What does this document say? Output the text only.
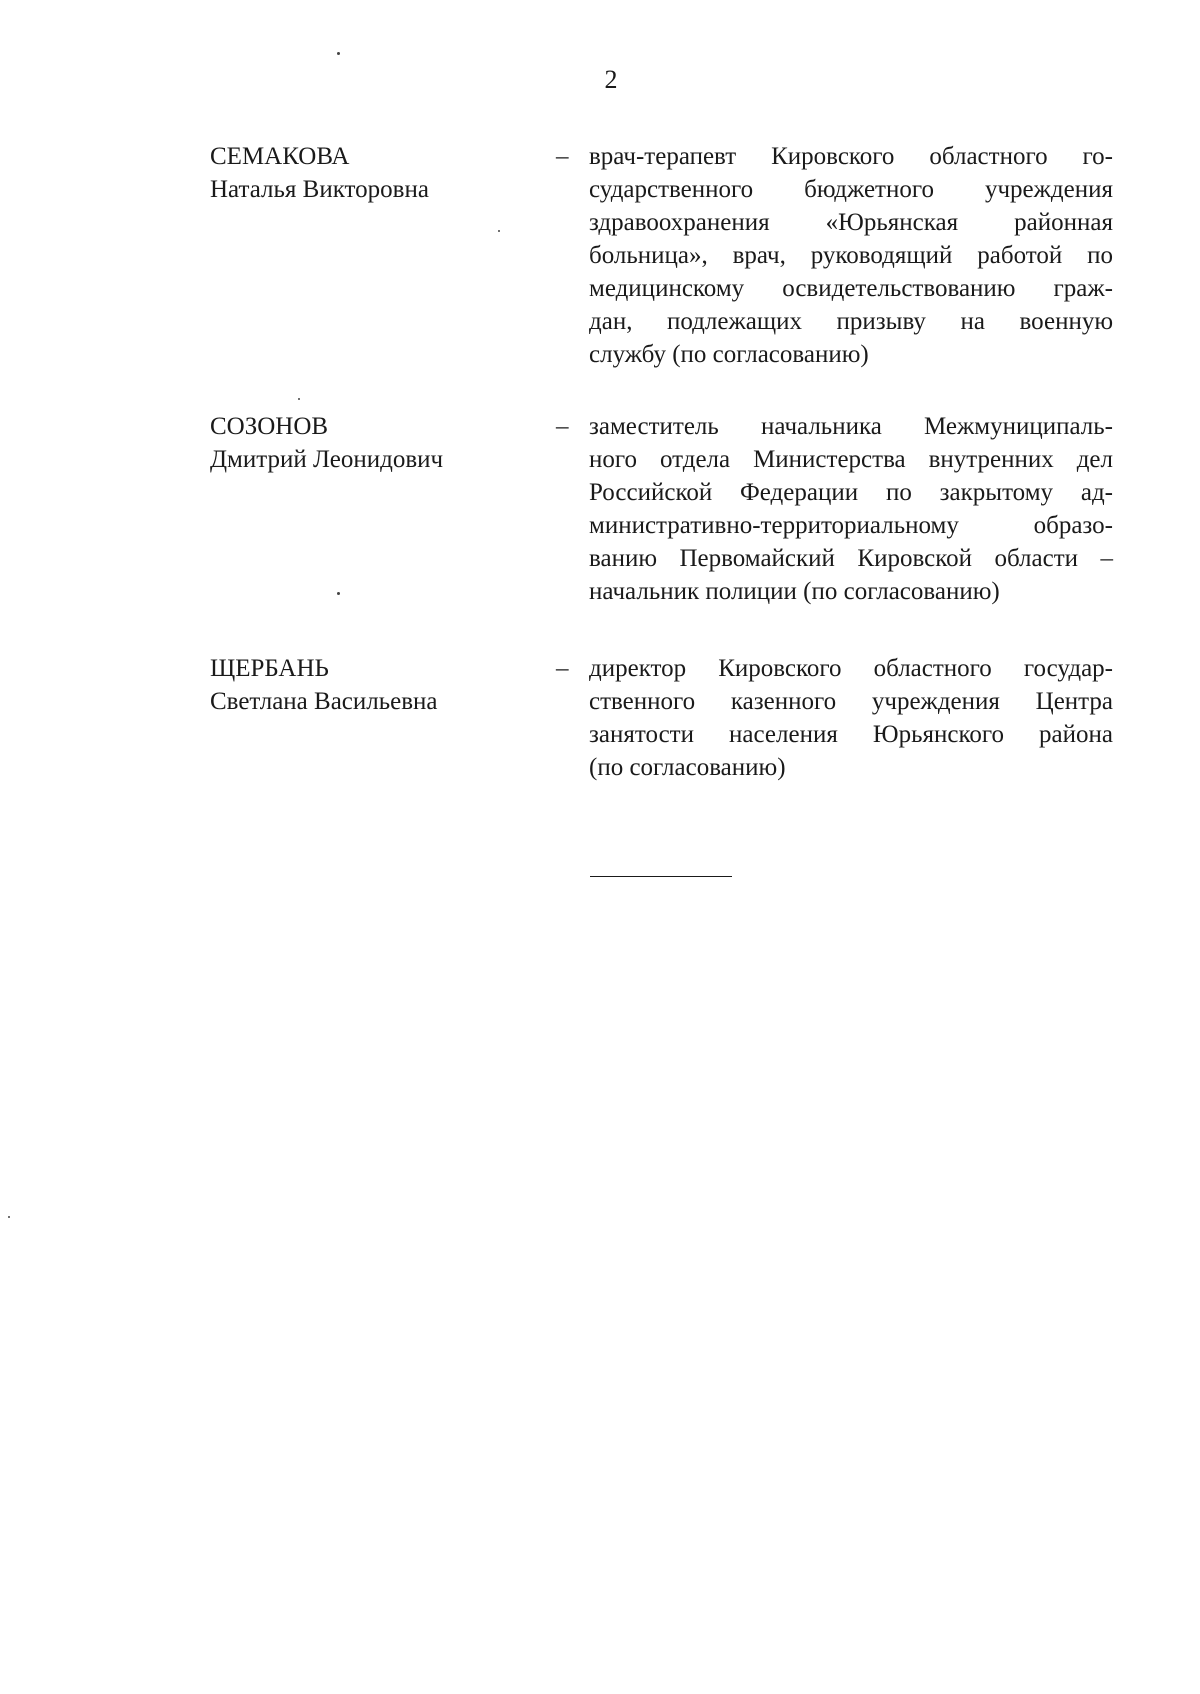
2
СЕМАКОВА
Наталья Викторовна
– врач-терапевт Кировского областного го-
сударственного бюджетного учреждения
здравоохранения «Юрьянская районная
больница», врач, руководящий работой по
медицинскому освидетельствованию граж-
дан, подлежащих призыву на военную
службу (по согласованию)
СОЗОНОВ
Дмитрий Леонидович
– заместитель начальника Межмуниципаль-
ного отдела Министерства внутренних дел
Российской Федерации по закрытому ад-
министративно-территориальному образо-
ванию Первомайский Кировской области –
начальник полиции (по согласованию)
ЩЕРБАНЬ
Светлана Васильевна
– директор Кировского областного государ-
ственного казенного учреждения Центра
занятости населения Юрьянского района
(по согласованию)
